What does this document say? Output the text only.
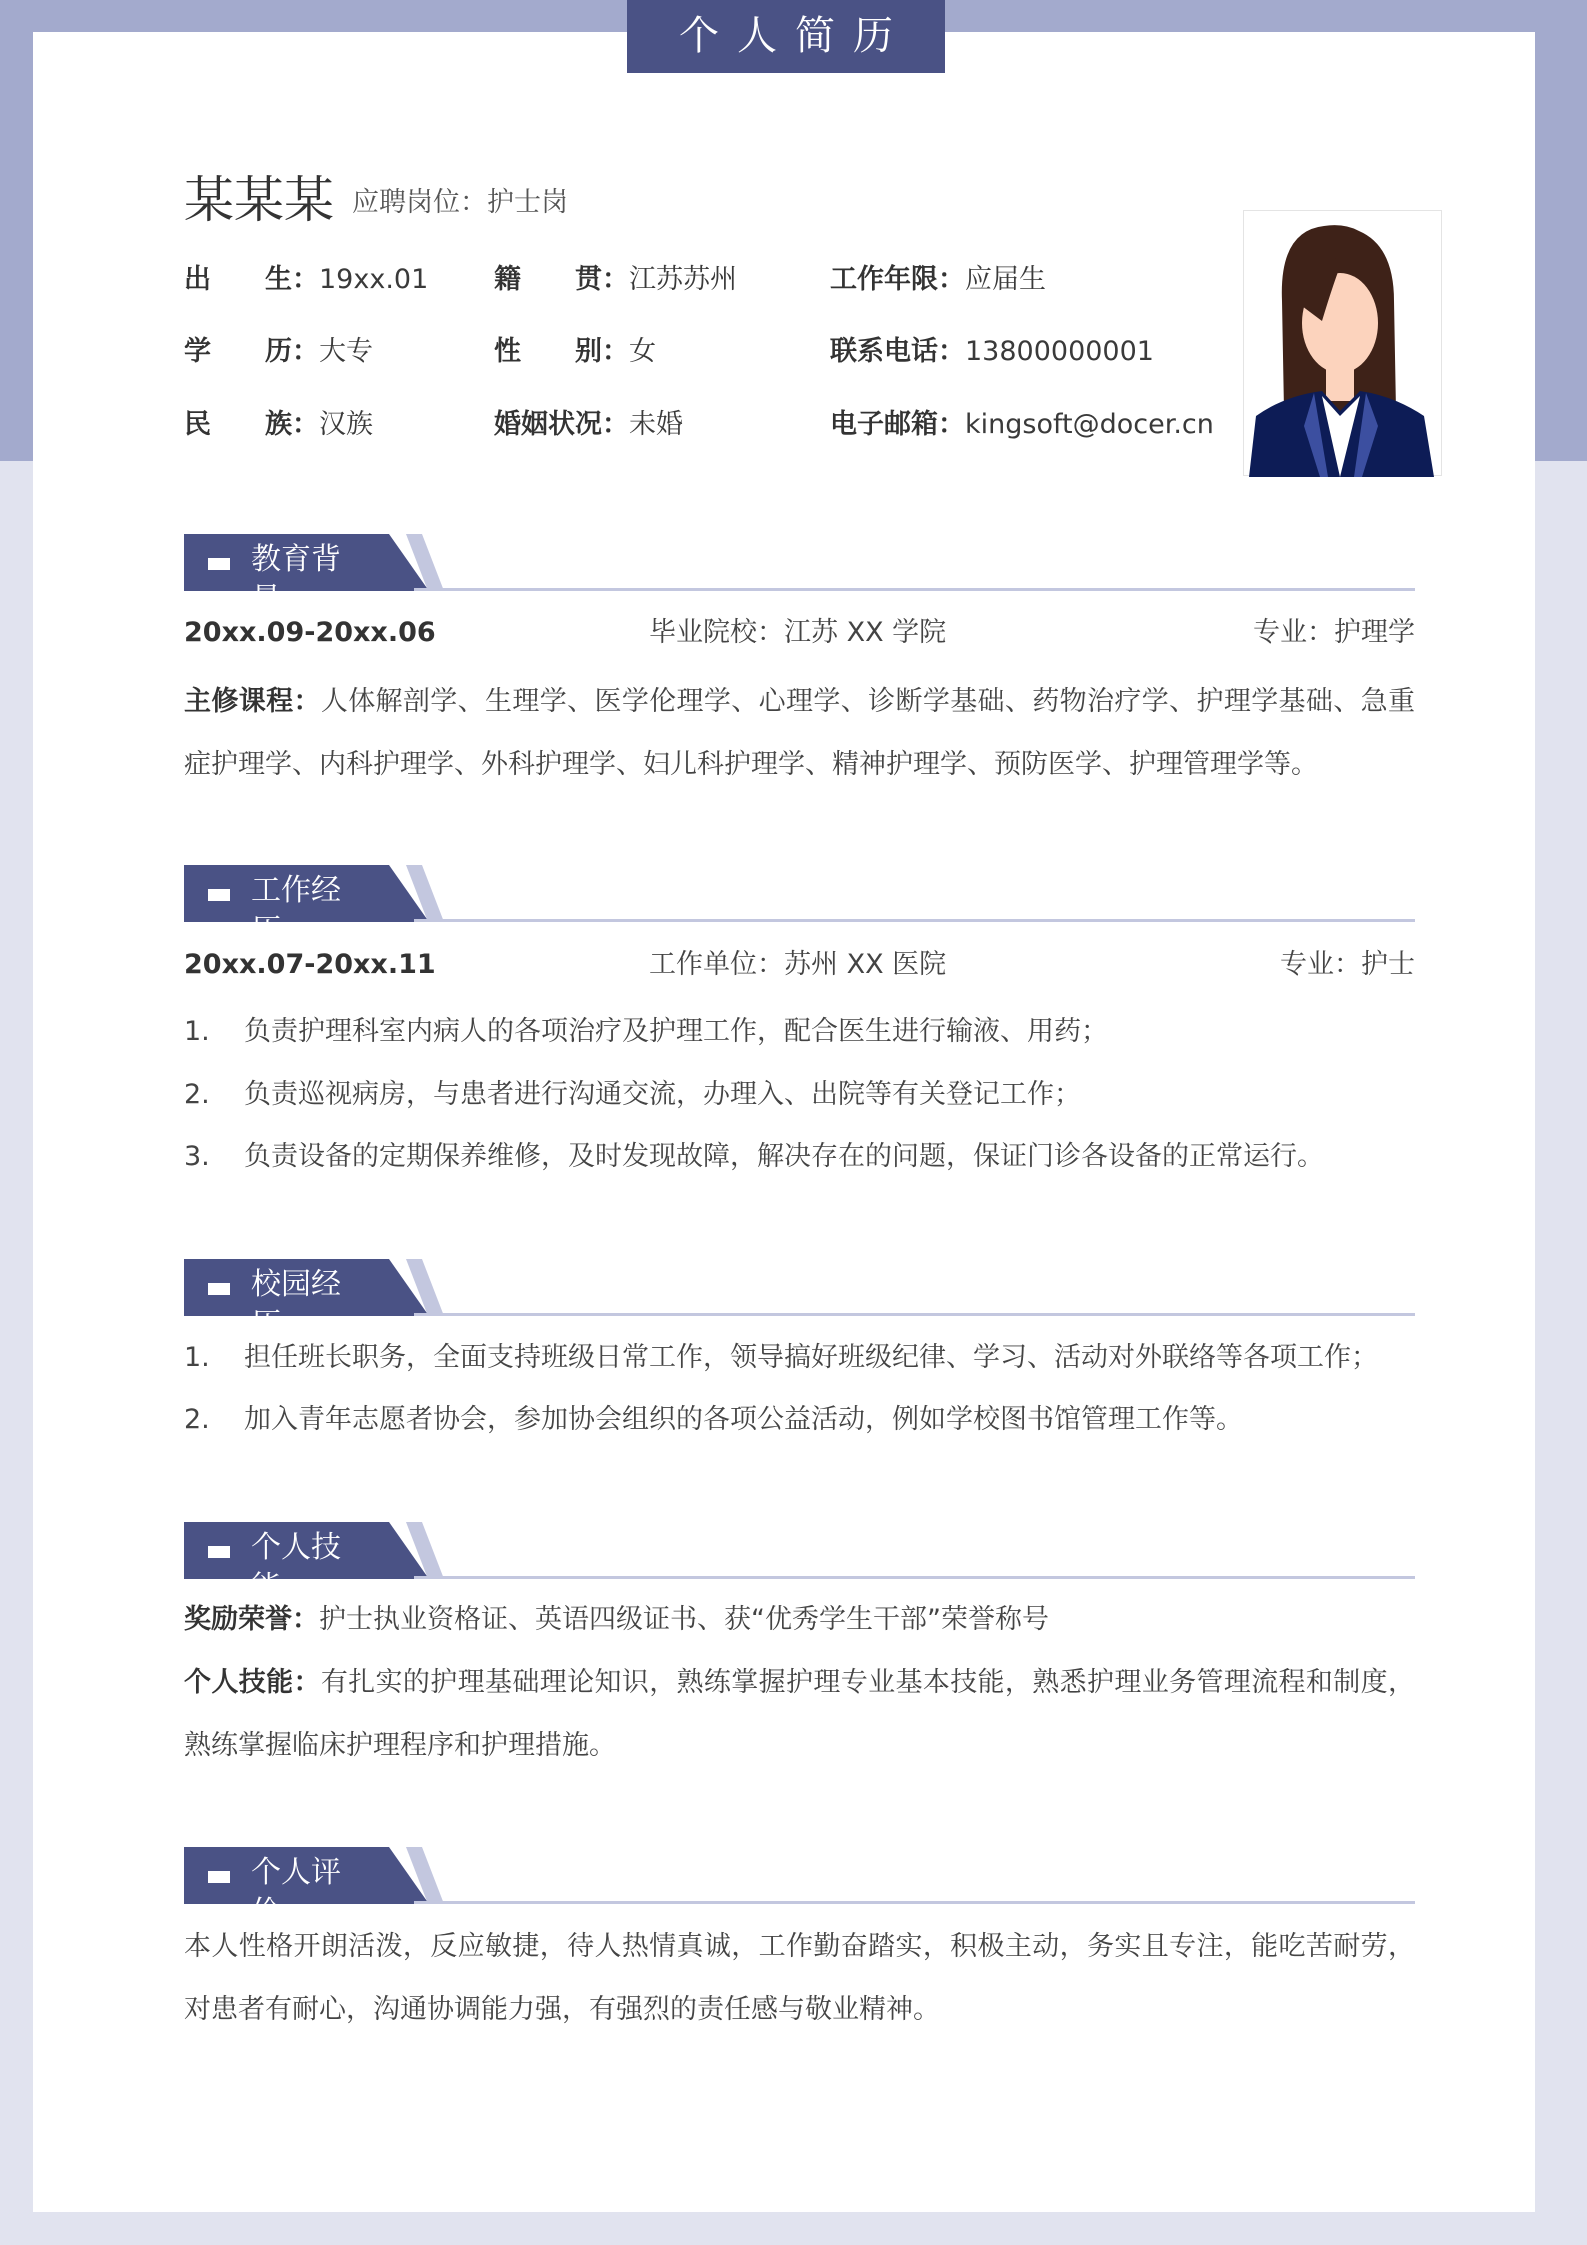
个人简历
某某某 应聘岗位：护士岗
出　　生：19xx.01 籍　　贯：江苏苏州	工作年限：应届生
学　　历：大专	性　　别：女	联系电话：13800000001
民　　族：汉族	婚姻状况：未婚	电子邮箱：kingsoft@docer.cn
教育背景
20xx.09-20xx.06	毕业院校：江苏 XX 学院	专业：护理学
主修课程：人体解剖学、生理学、医学伦理学、心理学、诊断学基础、药物治疗学、护理学基础、急重症护理学、内科护理学、外科护理学、妇儿科护理学、精神护理学、预防医学、护理管理学等。
工作经历
20xx.07-20xx.11	工作单位：苏州 XX 医院	专业：护士
1. 负责护理科室内病人的各项治疗及护理工作，配合医生进行输液、用药；
2. 负责巡视病房，与患者进行沟通交流，办理入、出院等有关登记工作；
3. 负责设备的定期保养维修，及时发现故障，解决存在的问题，保证门诊各设备的正常运行。
校园经历
1. 担任班长职务，全面支持班级日常工作，领导搞好班级纪律、学习、活动对外联络等各项工作；
2. 加入青年志愿者协会，参加协会组织的各项公益活动，例如学校图书馆管理工作等。
个人技能
奖励荣誉：护士执业资格证、英语四级证书、获“优秀学生干部”荣誉称号
个人技能：有扎实的护理基础理论知识，熟练掌握护理专业基本技能，熟悉护理业务管理流程和制度，熟练掌握临床护理程序和护理措施。
个人评价
本人性格开朗活泼，反应敏捷，待人热情真诚，工作勤奋踏实，积极主动，务实且专注，能吃苦耐劳，对患者有耐心，沟通协调能力强，有强烈的责任感与敬业精神。
